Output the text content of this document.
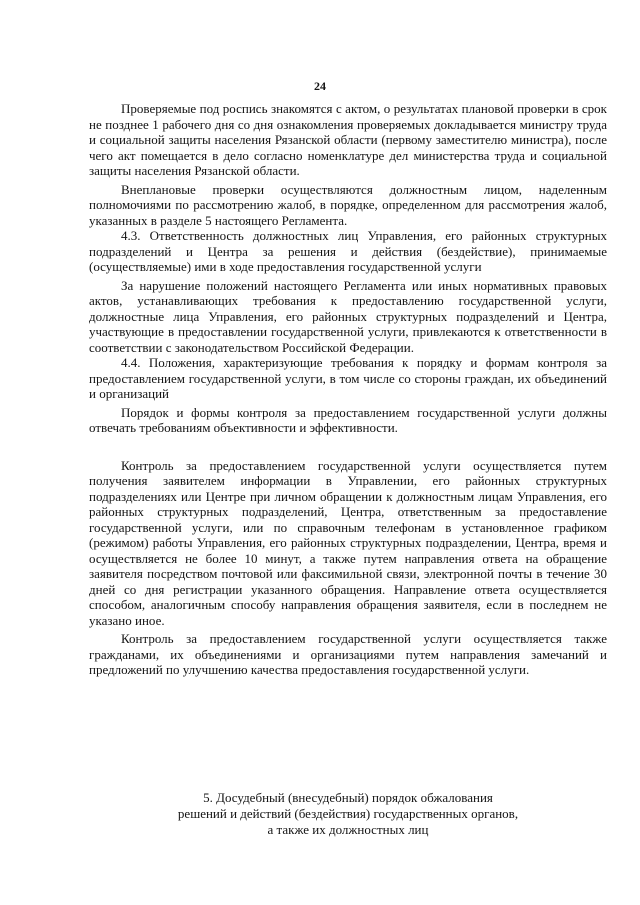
24

Проверяемые под роспись знакомятся с актом, о результатах плановой проверки в срок не позднее 1 рабочего дня со дня ознакомления проверяемых докладывается министру труда и социальной защиты населения Рязанской области (первому заместителю министра), после чего акт помещается в дело согласно номенклатуре дел министерства труда и социальной защиты населения Рязанской области.

Внеплановые проверки осуществляются должностным лицом, наделенным полномочиями по рассмотрению жалоб, в порядке, определенном для рассмотрения жалоб, указанных в разделе 5 настоящего Регламента.

4.3. Ответственность должностных лиц Управления, его районных структурных подразделений и Центра за решения и действия (бездействие), принимаемые (осуществляемые) ими в ходе предоставления государственной услуги

За нарушение положений настоящего Регламента или иных нормативных правовых актов, устанавливающих требования к предоставлению государственной услуги, должностные лица Управления, его районных структурных подразделений и Центра, участвующие в предоставлении государственной услуги, привлекаются к ответственности в соответствии с законодательством Российской Федерации.

4.4. Положения, характеризующие требования к порядку и формам контроля за предоставлением государственной услуги, в том числе со стороны граждан, их объединений и организаций

Порядок и формы контроля за предоставлением государственной услуги должны отвечать требованиям объективности и эффективности.

Контроль за предоставлением государственной услуги осуществляется путем получения заявителем информации в Управлении, его районных структурных подразделениях или Центре при личном обращении к должностным лицам Управления, его районных структурных подразделений, Центра, ответственным за предоставление государственной услуги, или по справочным телефонам в установленное графиком (режимом) работы Управления, его районных структурных подразделении, Центра, время и осуществляется не более 10 минут, а также путем направления ответа на обращение заявителя посредством почтовой или факсимильной связи, электронной почты в течение 30 дней со дня регистрации указанного обращения. Направление ответа осуществляется способом, аналогичным способу направления обращения заявителя, если в последнем не указано иное.

Контроль за предоставлением государственной услуги осуществляется также гражданами, их объединениями и организациями путем направления замечаний и предложений по улучшению качества предоставления государственной услуги.

5. Досудебный (внесудебный) порядок обжалования
решений и действий (бездействия) государственных органов,
а также их должностных лиц
